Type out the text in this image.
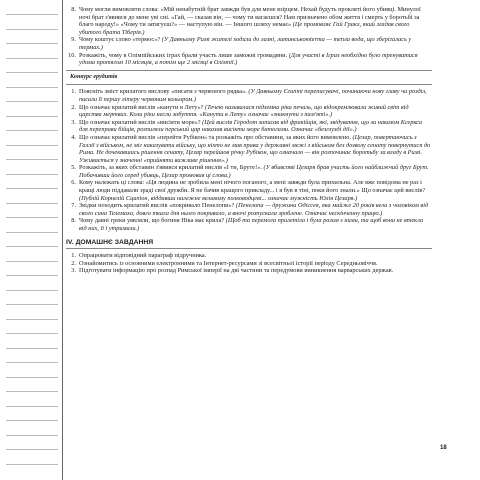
8. Чому могли вимовляти слова: «Мій ненабутній брат завжди був для мене взірцем. Нехай будуть прокляті його убивці. Минулої ночі брат з'явився до мене уві сні. «Гай, — сказав він, — чому ти вагаєшся? Нам призначено обом життя і смерть у боротьбі за благо народу!» «Чому ти затягуєш?» — наступую він. — Іншого шляху немає» (Це промовляє Гай Гракх, який згадав свого убитого брата Тіберія.)
9. Чому коштує слово «термос»? (У Давньому Римі жителі ходили до лазні, латинськоюterma — тепла вода, що зберігалась у термах.)
10. Розкажіть, чому в Олімпійських іграх брали участь лише заможні громадяни. (Для участі в Іграх необхідно було тренуватися удома протягом 10 місяців, а потім ще 2 місяці в Олімпії.)
Конкурс ерудитів
1. Поясніть зміст крилатого вислову «писати з червоного рядка». (У Давньому Єгипті переписувачі, починаючи нову главу чи розділ, писали її першу літеру червоним кольором.)
2. Що означає крилатий вислів «канути в Лету»? (Течею називалася підземна ріка печаль, що відокремлювала живий світ від царства мертвих. Коли ріки несли забуття. «Канути в Лету» означає «зникнути з пам'яті».)
3. Що означає крилатий вислів «висіяти море»? (Цей вислів Геродот записав від фракійців, які, звідування, що за наказом Ксеркса для переправи бійців, розпиляли перський цар наказав висікти море батогами. Означає «безглузді дії».)
4. Що означає крилатий вислів «перейти Рубікон» та розкажіть про обставини, за яких його вимовлено. (Цезар, повертаючись з Галлії з військом, не міг наказувати війську, що ніхто не мав права у державні межі з військом без дозволу сенату повернутися до Рима. Не дочекавшись рішення сенату, Цезар перейшов річку Рубікон, що означало — він розпочинає боротьбу за владу в Римі. Уживається у значенні «прийняти важливе рішення».)
5. Розкажіть, за яких обставин з'явився крилатий вислів «І ти, Бруте!». (У вбивстві Цезаря брав участь його найближчий друг Брут. Побачивши його серед убивць, Цезар промовив ці слова.)
6. Кому належать ці слова: «Ця людина не зробила мені нічого поганого, а мені завжди була прихильна. Але вже повідома не раз і кращі люди піддавали зраді свої дружби. Я не бачив кращого прикладу... і я був в тіні, поки його знали.» Що означає цей вислів? (Публій Корнелій Сципіон, віддавши належне великому полководцеві... означає мужність Юлія Цезаря.)
7. Звідки походить крилатий вислів «покривало Пенелопи»? (Пенелопа — дружина Одіссея, яка майже 20 років вела з чоловіком від свого сина Телемаха, довго ткала для нього покривало, а вночі розпускала зроблене. Означає нескінченну працю.)
8. Чому давні греки уявляли, що богиня Ніка має крила? (Щоб та перемога прилетіла і була разом з ними, та щоб вона не втекла від них, її і утримали.)
IV. ДОМАШНЄ ЗАВДАННЯ
1. Опрацювати відповідний параграф підручника.
2. Ознайомитись із основними електронними та Інтернет-ресурсами зі всесвітньої історії періоду Середньовіччя.
3. Підготувати інформацію про розпад Римської імперії на дві частини та передумови виникнення варварських держав.
18
